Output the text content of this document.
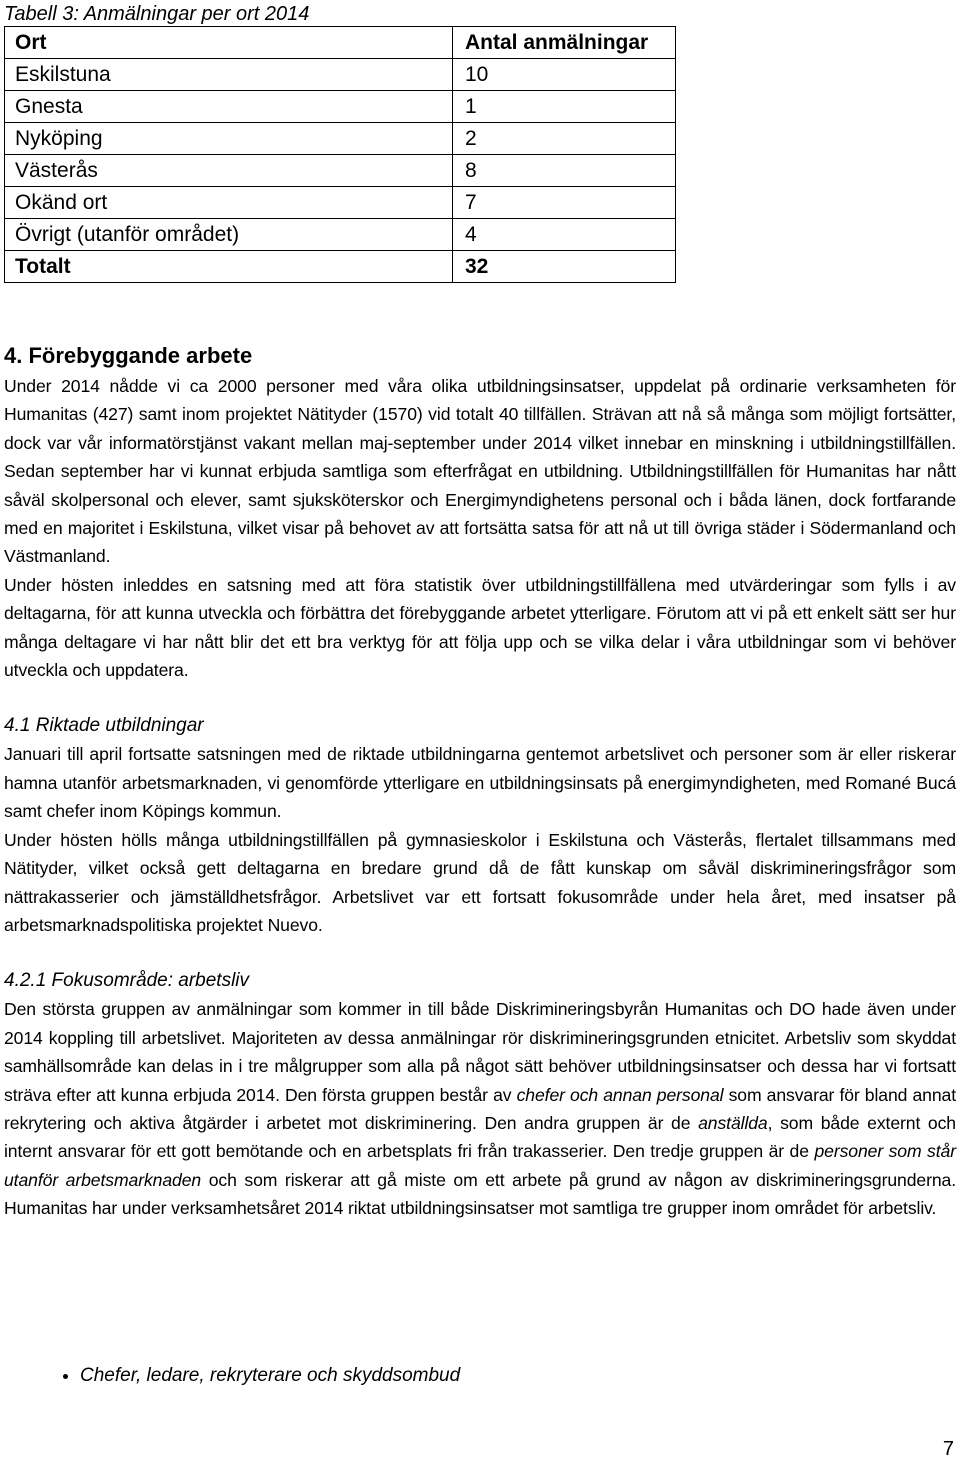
Tabell 3: Anmälningar per ort 2014
Ort	Antal anmälningar
Eskilstuna	10
Gnesta	1
Nyköping	2
Västerås	8
Okänd ort	7
Övrigt (utanför området)	4
Totalt	32
4. Förebyggande arbete

Under 2014 nådde vi ca 2000 personer med våra olika utbildningsinsatser, uppdelat på ordinarie verksamheten för Humanitas (427) samt inom projektet Nätityder (1570) vid totalt 40 tillfällen. Strävan att nå så många som möjligt fortsätter, dock var vår informatörstjänst vakant mellan maj-september under 2014 vilket innebar en minskning i utbildningstillfällen. Sedan september har vi kunnat erbjuda samtliga som efterfrågat en utbildning. Utbildningstillfällen för Humanitas har nått såväl skolpersonal och elever, samt sjuksköterskor och Energimyndighetens personal och i båda länen, dock fortfarande med en majoritet i Eskilstuna, vilket visar på behovet av att fortsätta satsa för att nå ut till övriga städer i Södermanland och Västmanland.

Under hösten inleddes en satsning med att föra statistik över utbildningstillfällena med utvärderingar som fylls i av deltagarna, för att kunna utveckla och förbättra det förebyggande arbetet ytterligare. Förutom att vi på ett enkelt sätt ser hur många deltagare vi har nått blir det ett bra verktyg för att följa upp och se vilka delar i våra utbildningar som vi behöver utveckla och uppdatera.

4.1 Riktade utbildningar

Januari till april fortsatte satsningen med de riktade utbildningarna gentemot arbetslivet och personer som är eller riskerar hamna utanför arbetsmarknaden, vi genomförde ytterligare en utbildningsinsats på energimyndigheten, med Romané Bucá samt chefer inom Köpings kommun.

Under hösten hölls många utbildningstillfällen på gymnasieskolor i Eskilstuna och Västerås, flertalet tillsammans med Nätityder, vilket också gett deltagarna en bredare grund då de fått kunskap om såväl diskrimineringsfrågor som nättrakasserier och jämställdhetsfrågor. Arbetslivet var ett fortsatt fokusområde under hela året, med insatser på arbetsmarknadspolitiska projektet Nuevo.

4.2.1 Fokusområde: arbetsliv

Den största gruppen av anmälningar som kommer in till både Diskrimineringsbyrån Humanitas och DO hade även under 2014 koppling till arbetslivet. Majoriteten av dessa anmälningar rör diskrimineringsgrunden etnicitet. Arbetsliv som skyddat samhällsområde kan delas in i tre målgrupper som alla på något sätt behöver utbildningsinsatser och dessa har vi fortsatt sträva efter att kunna erbjuda 2014. Den första gruppen består av chefer och annan personal som ansvarar för bland annat rekrytering och aktiva åtgärder i arbetet mot diskriminering. Den andra gruppen är de anställda, som både externt och internt ansvarar för ett gott bemötande och en arbetsplats fri från trakasserier. Den tredje gruppen är de personer som står utanför arbetsmarknaden och som riskerar att gå miste om ett arbete på grund av någon av diskrimineringsgrunderna. Humanitas har under verksamhetsåret 2014 riktat utbildningsinsatser mot samtliga tre grupper inom området för arbetsliv.

• Chefer, ledare, rekryterare och skyddsombud
7
